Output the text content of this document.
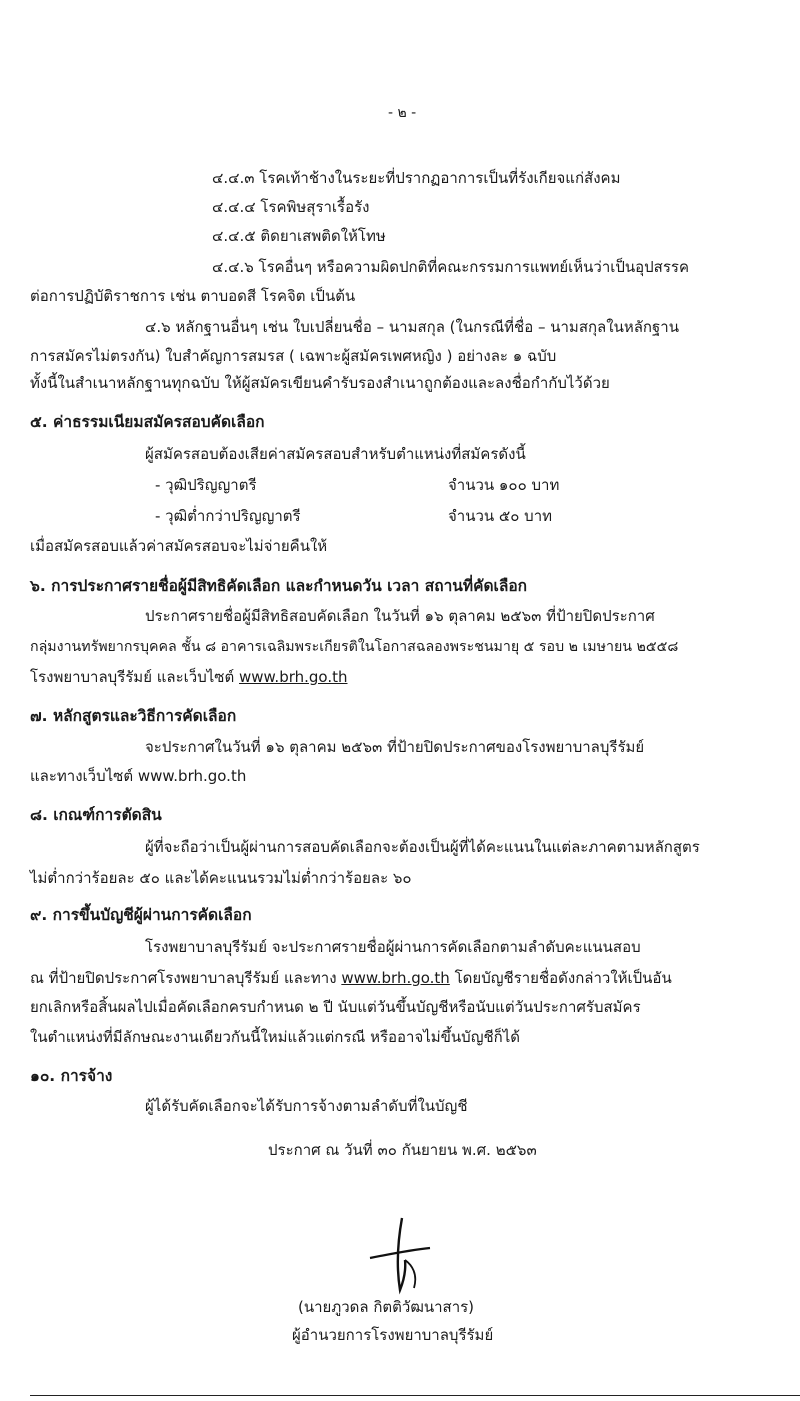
- ๒ -
๔.๔.๓ โรคเท้าช้างในระยะที่ปรากฏอาการเป็นที่รังเกียจแก่สังคม
๔.๔.๔ โรคพิษสุราเรื้อรัง
๔.๔.๕ ติดยาเสพติดให้โทษ
๔.๔.๖ โรคอื่นๆ หรือความผิดปกติที่คณะกรรมการแพทย์เห็นว่าเป็นอุปสรรค
ต่อการปฏิบัติราชการ เช่น ตาบอดสี โรคจิต เป็นต้น
๔.๖ หลักฐานอื่นๆ เช่น ใบเปลี่ยนชื่อ – นามสกุล (ในกรณีที่ชื่อ – นามสกุลในหลักฐาน
การสมัครไม่ตรงกัน) ใบสำคัญการสมรส ( เฉพาะผู้สมัครเพศหญิง ) อย่างละ ๑ ฉบับ
ทั้งนี้ในสำเนาหลักฐานทุกฉบับ ให้ผู้สมัครเขียนคำรับรองสำเนาถูกต้องและลงชื่อกำกับไว้ด้วย
๕. ค่าธรรมเนียมสมัครสอบคัดเลือก
ผู้สมัครสอบต้องเสียค่าสมัครสอบสำหรับตำแหน่งที่สมัครดังนี้
- วุฒิปริญญาตรี	จำนวน ๑๐๐ บาท
- วุฒิต่ำกว่าปริญญาตรี	จำนวน ๕๐ บาท
เมื่อสมัครสอบแล้วค่าสมัครสอบจะไม่จ่ายคืนให้
๖. การประกาศรายชื่อผู้มีสิทธิคัดเลือก และกำหนดวัน เวลา สถานที่คัดเลือก
ประกาศรายชื่อผู้มีสิทธิสอบคัดเลือก ในวันที่ ๑๖ ตุลาคม ๒๕๖๓ ที่ป้ายปิดประกาศ
กลุ่มงานทรัพยากรบุคคล ชั้น ๘ อาคารเฉลิมพระเกียรติในโอกาสฉลองพระชนมายุ ๕ รอบ ๒ เมษายน ๒๕๕๘
โรงพยาบาลบุรีรัมย์ และเว็บไซต์ www.brh.go.th
๗. หลักสูตรและวิธีการคัดเลือก
จะประกาศในวันที่ ๑๖ ตุลาคม ๒๕๖๓ ที่ป้ายปิดประกาศของโรงพยาบาลบุรีรัมย์
และทางเว็บไซต์ www.brh.go.th
๘. เกณฑ์การตัดสิน
ผู้ที่จะถือว่าเป็นผู้ผ่านการสอบคัดเลือกจะต้องเป็นผู้ที่ได้คะแนนในแต่ละภาคตามหลักสูตร
ไม่ต่ำกว่าร้อยละ ๕๐ และได้คะแนนรวมไม่ต่ำกว่าร้อยละ ๖๐
๙. การขึ้นบัญชีผู้ผ่านการคัดเลือก
โรงพยาบาลบุรีรัมย์ จะประกาศรายชื่อผู้ผ่านการคัดเลือกตามลำดับคะแนนสอบ
ณ ที่ป้ายปิดประกาศโรงพยาบาลบุรีรัมย์ และทาง www.brh.go.th โดยบัญชีรายชื่อดังกล่าวให้เป็นอัน
ยกเลิกหรือสิ้นผลไปเมื่อคัดเลือกครบกำหนด ๒ ปี นับแต่วันขึ้นบัญชีหรือนับแต่วันประกาศรับสมัคร
ในตำแหน่งที่มีลักษณะงานเดียวกันนี้ใหม่แล้วแต่กรณี หรืออาจไม่ขึ้นบัญชีก็ได้
๑๐. การจ้าง
ผู้ได้รับคัดเลือกจะได้รับการจ้างตามลำดับที่ในบัญชี
ประกาศ ณ วันที่ ๓๐ กันยายน พ.ศ. ๒๕๖๓
(นายภูวดล กิตติวัฒนาสาร)
ผู้อำนวยการโรงพยาบาลบุรีรัมย์
